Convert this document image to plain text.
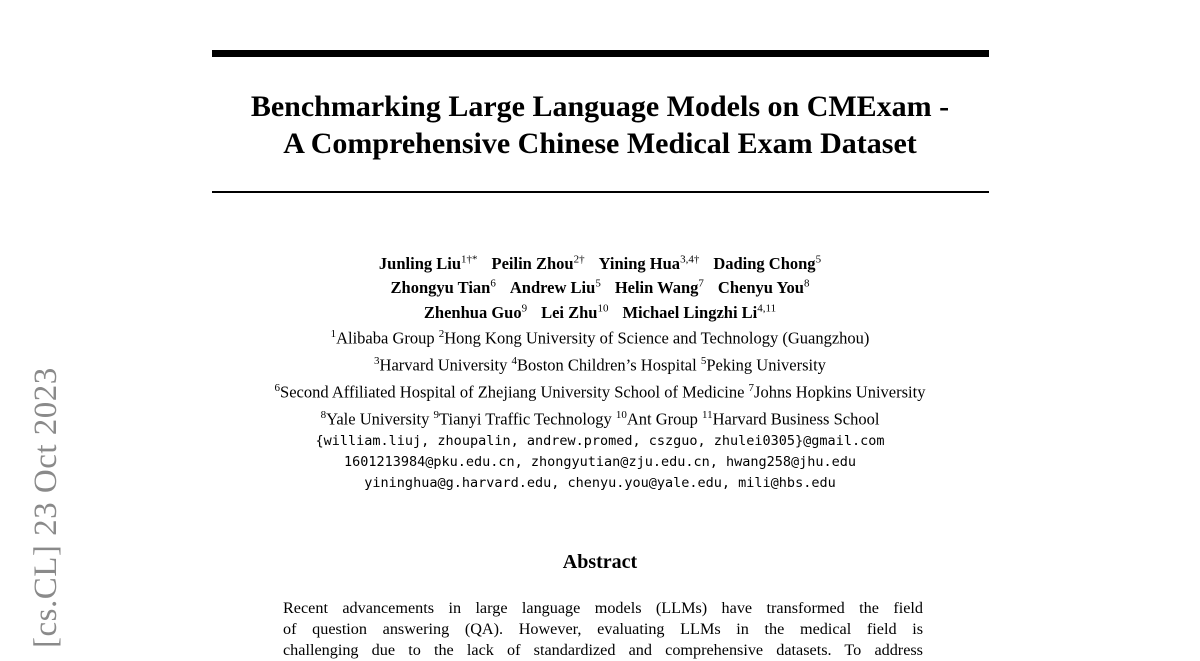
[cs.CL] 23 Oct 2023
Benchmarking Large Language Models on CMExam -
A Comprehensive Chinese Medical Exam Dataset
Junling Liu$^{1\dagger*}$ Peilin Zhou$^{2\dagger}$ Yining Hua$^{3,4\dagger}$ Dading Chong$^5$
Zhongyu Tian$^6$ Andrew Liu$^5$ Helin Wang$^7$ Chenyu You$^8$
Zhenhua Guo$^9$ Lei Zhu$^{10}$ Michael Lingzhi Li$^{4,11}$
$^1$Alibaba Group $^2$Hong Kong University of Science and Technology (Guangzhou)
$^3$Harvard University $^4$Boston Children’s Hospital $^5$Peking University
$^6$Second Affiliated Hospital of Zhejiang University School of Medicine $^7$Johns Hopkins University
$^8$Yale University $^9$Tianyi Traffic Technology $^{10}$Ant Group $^{11}$Harvard Business School
{william.liuj, zhoupalin, andrew.promed, cszguo, zhulei0305}@gmail.com
1601213984@pku.edu.cn, zhongyutian@zju.edu.cn, hwang258@jhu.edu
yininghua@g.harvard.edu, chenyu.you@yale.edu, mili@hbs.edu
Abstract
Recent advancements in large language models (LLMs) have transformed the field
of question answering (QA). However, evaluating LLMs in the medical field is
challenging due to the lack of standardized and comprehensive datasets. To address
